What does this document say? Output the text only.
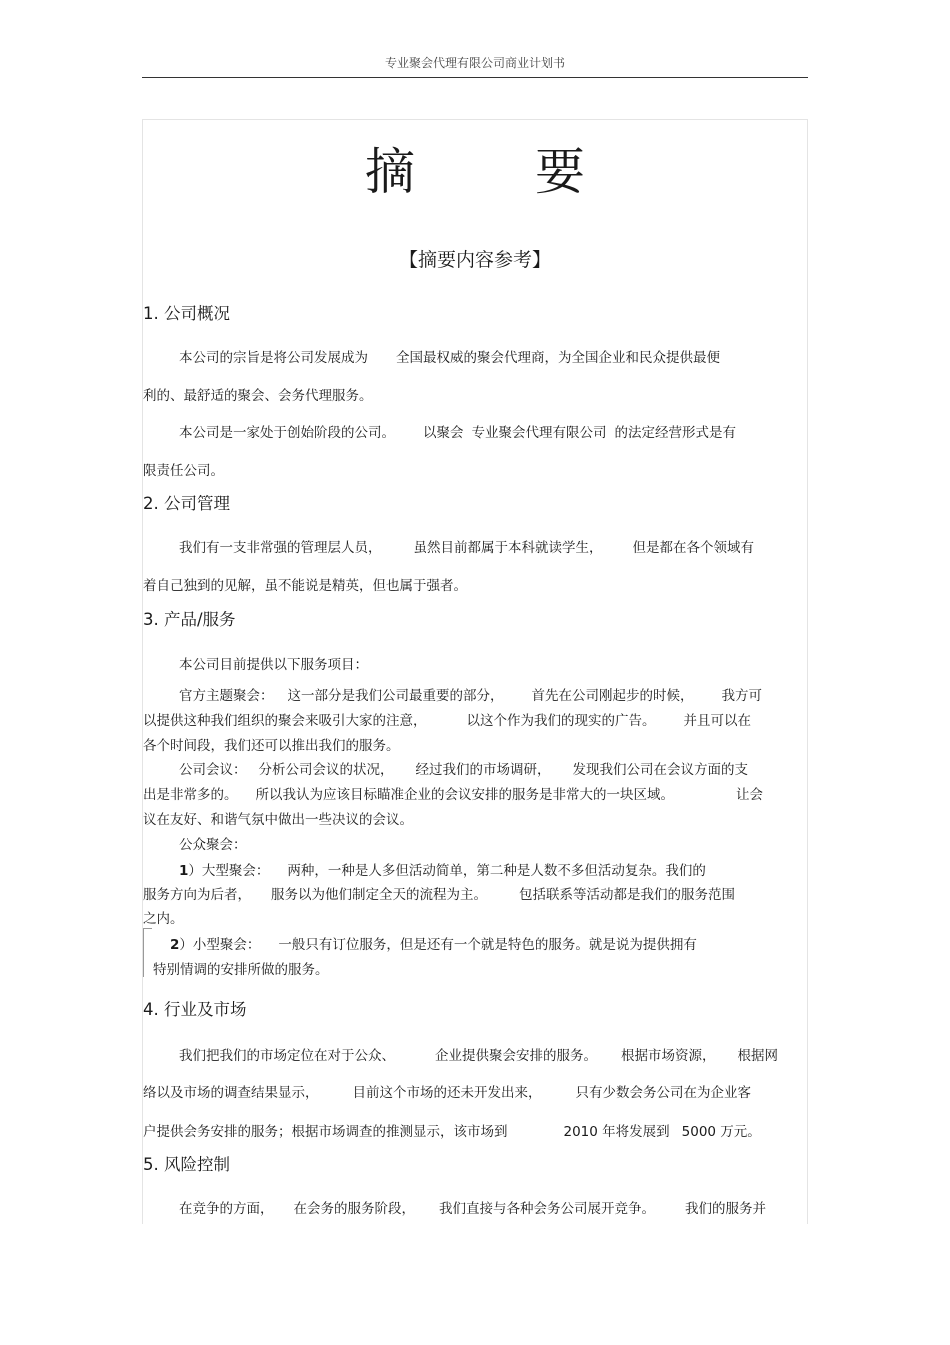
专业聚会代理有限公司商业计划书
摘 要
【摘要内容参考】
1. 公司概况
本公司的宗旨是将公司发展成为 全国最权威的聚会代理商，为全国企业和民众提供最便
利的、最舒适的聚会、会务代理服务。
本公司是一家处于创始阶段的公司。 以聚会 专业聚会代理有限公司 的法定经营形式是有
限责任公司。
2. 公司管理
我们有一支非常强的管理层人员， 虽然目前都属于本科就读学生， 但是都在各个领域有
着自己独到的见解，虽不能说是精英，但也属于强者。
3. 产品/服务
本公司目前提供以下服务项目：
官方主题聚会： 这一部分是我们公司最重要的部分， 首先在公司刚起步的时候， 我方可
以提供这种我们组织的聚会来吸引大家的注意，	以这个作为我们的现实的广告。 并且可以在
各个时间段，我们还可以推出我们的服务。
公司会议： 分析公司会议的状况， 经过我们的市场调研， 发现我们公司在会议方面的支
出是非常多的。 所以我认为应该目标瞄准企业的会议安排的服务是非常大的一块区域。	让会
议在友好、和谐气氛中做出一些决议的会议。
公众聚会：
1）大型聚会： 两种，一种是人多但活动简单，第二种是人数不多但活动复杂。我们的
服务方向为后者， 服务以为他们制定全天的流程为主。 包括联系等活动都是我们的服务范围
之内。
2）小型聚会： 一般只有订位服务，但是还有一个就是特色的服务。就是说为提供拥有
特别情调的安排所做的服务。
4. 行业及市场
我们把我们的市场定位在对于公众、	企业提供聚会安排的服务。 根据市场资源， 根据网
络以及市场的调查结果显示，	目前这个市场的还未开发出来，	只有少数会务公司在为企业客
户提供会务安排的服务；根据市场调查的推测显示，该市场到	2010 年将发展到 5000 万元。
5. 风险控制
在竞争的方面， 在会务的服务阶段， 我们直接与各种会务公司展开竞争。 我们的服务并
